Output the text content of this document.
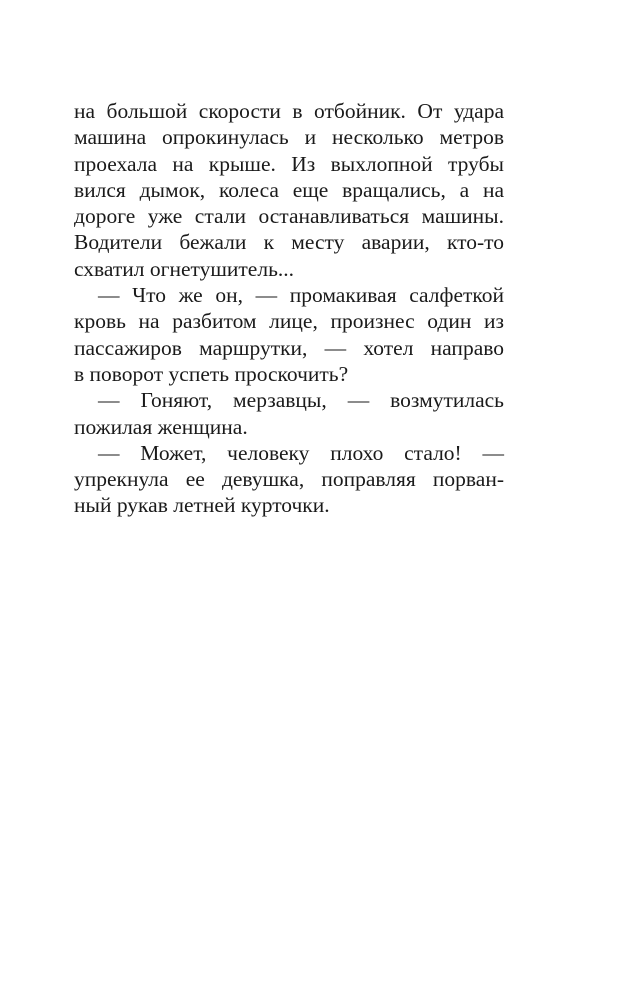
на большой скорости в отбойник. От удара
машина опрокинулась и несколько метров
проехала на крыше. Из выхлопной трубы
вился дымок, колеса еще вращались, а на
дороге уже стали останавливаться машины.
Водители бежали к месту аварии, кто-то
схватил огнетушитель...
— Что же он, — промакивая салфеткой
кровь на разбитом лице, произнес один из
пассажиров маршрутки, — хотел направо
в поворот успеть проскочить?
— Гоняют, мерзавцы, — возмутилась
пожилая женщина.
— Может, человеку плохо стало! —
упрекнула ее девушка, поправляя порван-
ный рукав летней курточки.
